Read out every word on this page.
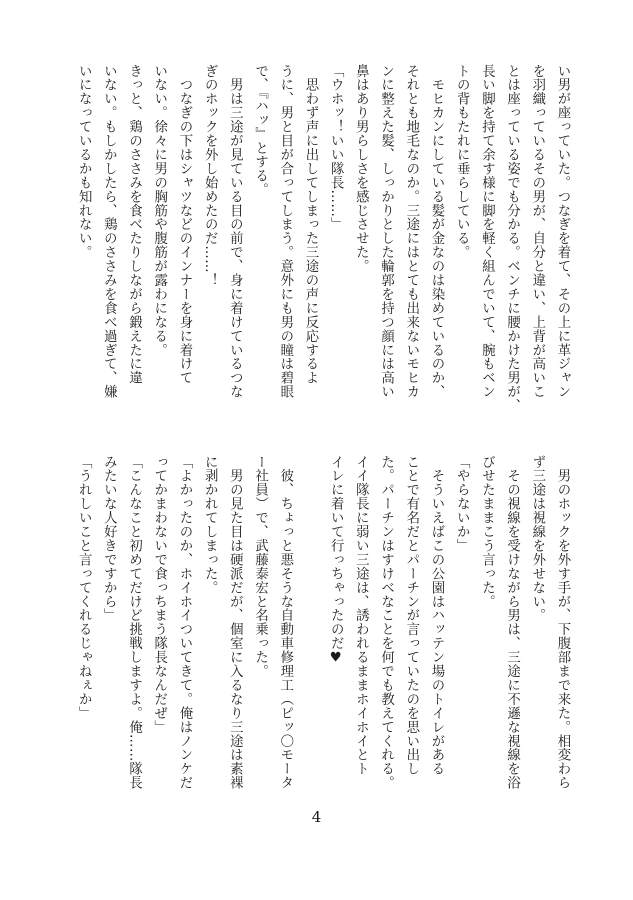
い男が座っていた。つなぎを着て、その上に革ジャン
を羽織っているその男が、自分と違い、上背が高いこ
とは座っている姿でも分かる。ベンチに腰かけた男が、
長い脚を持て余す様に脚を軽く組んでいて、腕もベン
トの背もたれに垂らしている。
　モヒカンにしている髪が金なのは染めているのか、
それとも地毛なのか。三途にはとても出来ないモヒカ
ンに整えた髪、しっかりとした輪郭を持つ顔には高い
鼻はあり男らしさを感じさせた。
「ウホッ！いい隊長……」
　思わず声に出してしまった三途の声に反応するよ
うに、男と目が合ってしまう。意外にも男の瞳は碧眼
で、『ハッ』とする。
　男は三途が見ている目の前で、身に着けているつな
ぎのホックを外し始めたのだ……！
　つなぎの下はシャツなどのインナーを身に着けて
いない。徐々に男の胸筋や腹筋が露わになる。
きっと、鶏のささみを食べたりしながら鍛えたに違
いない。もしかしたら、鶏のささみを食べ過ぎて、嫌
いになっているかも知れない。
　男のホックを外す手が、下腹部まで来た。相変わら
ず三途は視線を外せない。
　その視線を受けながら男は、三途に不遜な視線を浴
びせたままこう言った。
「やらないか」
　そういえばこの公園はハッテン場のトイレがある
ことで有名だとパーチンが言っていたのを思い出し
た。パーチンはすけべなことを何でも教えてくれる。
イイ隊長に弱い三途は、誘われるままホイホイとト
イレに着いて行っちゃったのだ♥
　彼、ちょっと悪そうな自動車修理工（ピッ〇モータ
ー社員）で、武藤泰宏と名乗った。
　男の見た目は硬派だが、個室に入るなり三途は素裸
に剥かれてしまった。
「よかったのか、ホイホイついてきて。俺はノンケだ
ってかまわないで食っちまう隊長なんだぜ」
「こんなこと初めてだけど挑戦しますよ。俺……隊長
みたいな人好きですから」
「うれしいこと言ってくれるじゃねぇか」
4
